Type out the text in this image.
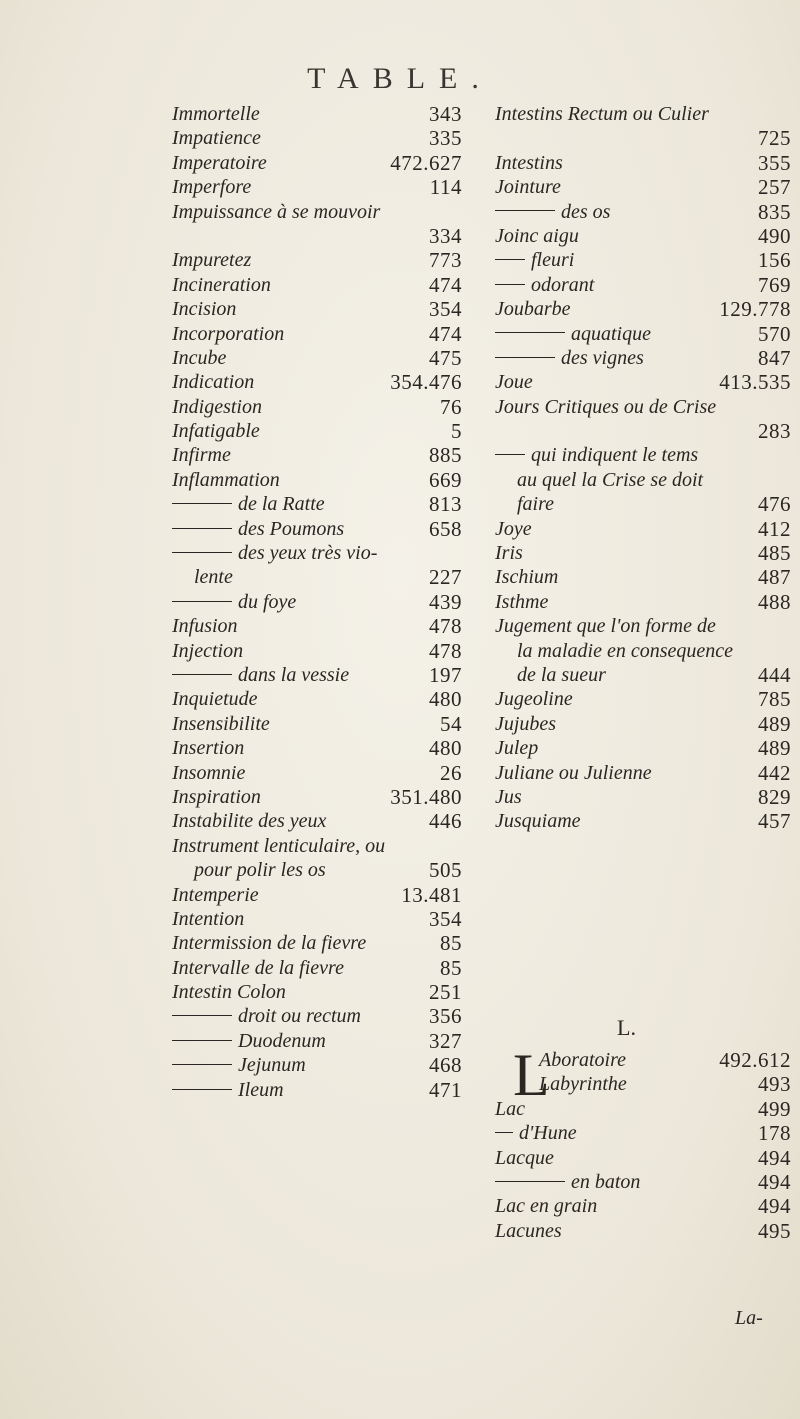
TABLE.
Immortelle	343
Impatience	335
Imperatoire	472.627
Imperfore	114
Impuissance à se mouvoir
334
Impuretez	773
Incineration	474
Incision	354
Incorporation	474
Incube	475
Indication	354.476
Indigestion	76
Infatigable	5
Infirme	885
Inflammation	669
de la Ratte	813
des Poumons	658
des yeux très vio-
lente	227
du foye	439
Infusion	478
Injection	478
dans la vessie	197
Inquietude	480
Insensibilite	54
Insertion	480
Insomnie	26
Inspiration	351.480
Instabilite des yeux	446
Instrument lenticulaire, ou
pour polir les os	505
Intemperie	13.481
Intention	354
Intermission de la fievre	85
Intervalle de la fievre	85
Intestin Colon	251
droit ou rectum	356
Duodenum	327
Jejunum	468
Ileum	471
Intestins Rectum ou Culier
725
Intestins	355
Jointure	257
des os	835
Joinc aigu	490
fleuri	156
odorant	769
Joubarbe	129.778
aquatique	570
des vignes	847
Joue	413.535
Jours Critiques ou de Crise
283
qui indiquent le tems
au quel la Crise se doit
faire	476
Joye	412
Iris	485
Ischium	487
Isthme	488
Jugement que l'on forme de
la maladie en consequence
de la sueur	444
Jugeoline	785
Jujubes	489
Julep	489
Juliane ou Julienne	442
Jus	829
Jusquiame	457
L.
L
Aboratoire	492.612
Labyrinthe	493
Lac	499
d'Hune	178
Lacque	494
en baton	494
Lac en grain	494
Lacunes	495
La-
